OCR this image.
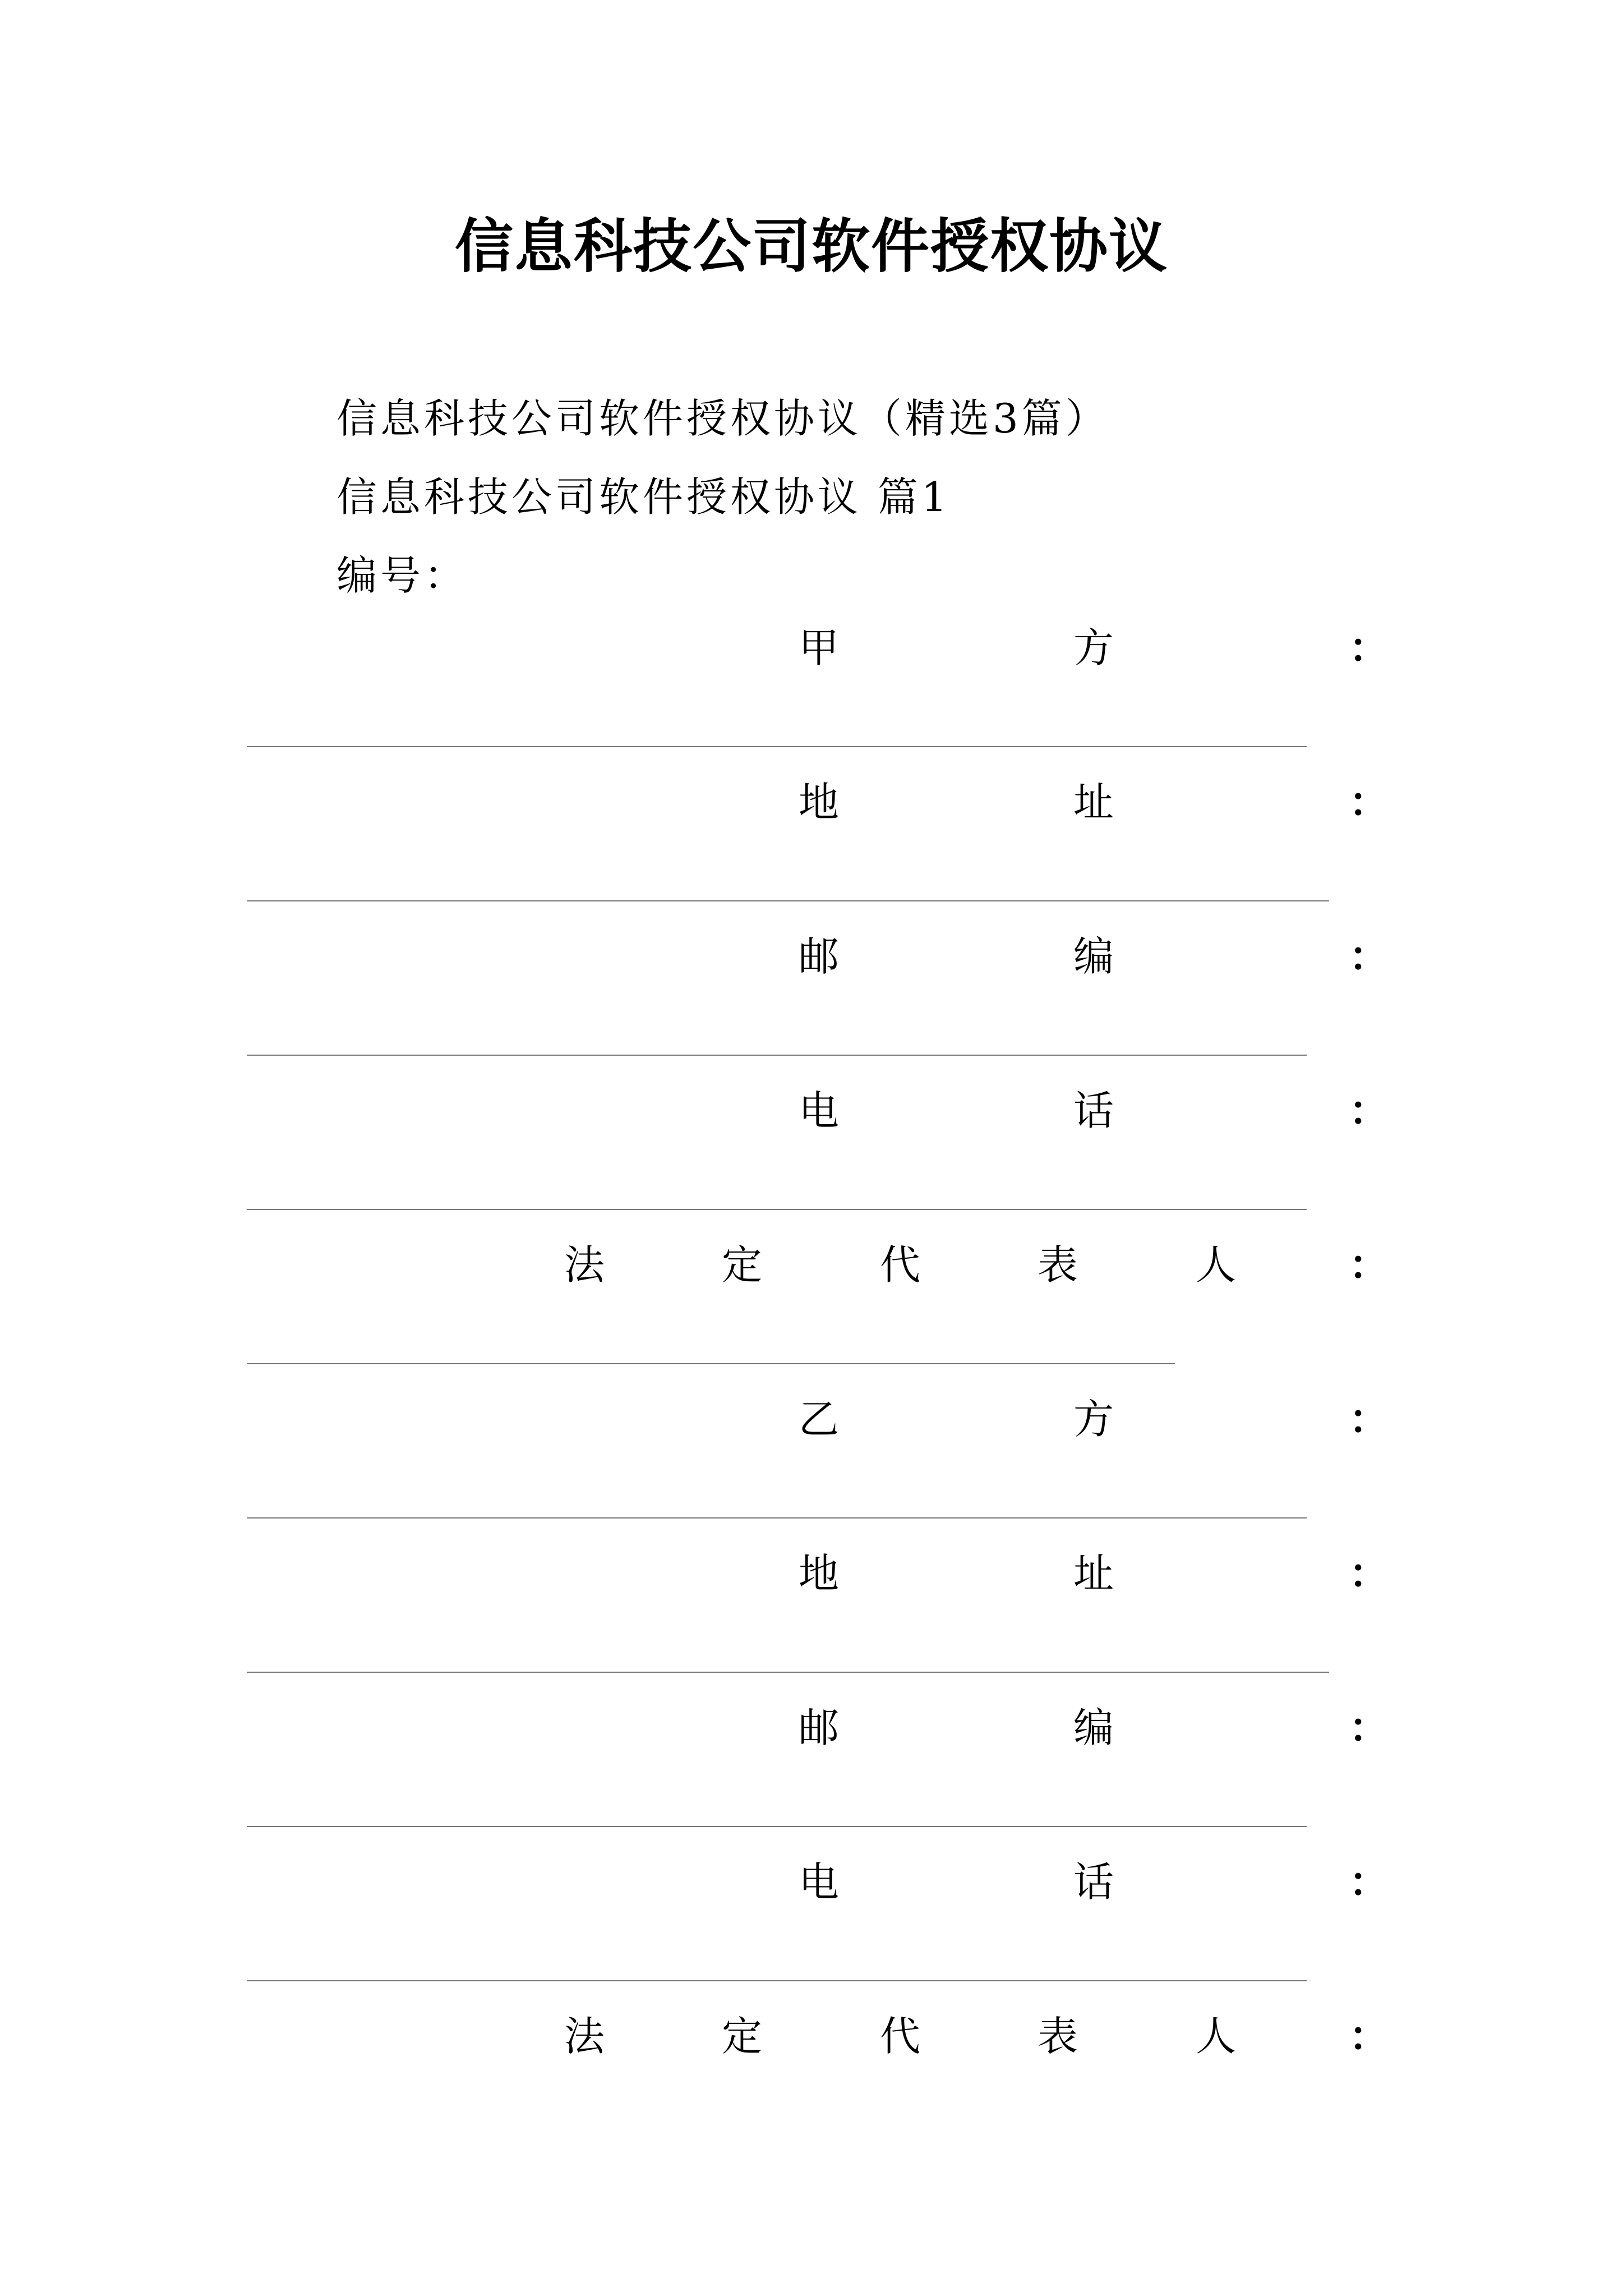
信息科技公司软件授权协议
信息科技公司软件授权协议（精选3篇）
信息科技公司软件授权协议 篇1
编号：
甲	方	：
地	址	：
邮	编	：
电	话	：
法	定	代	表	人	：
乙	方	：
地	址	：
邮	编	：
电	话	：
法	定	代	表	人	：
